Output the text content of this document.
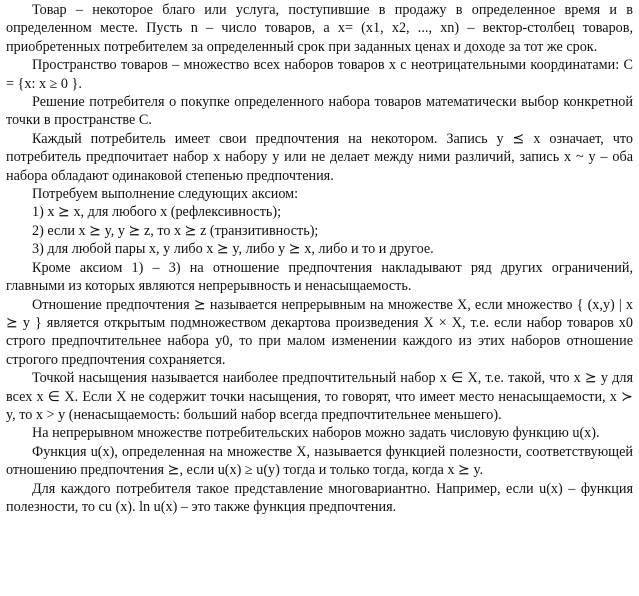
Товар – некоторое благо или услуга, поступившие в продажу в определенное время и в определенном месте. Пусть n – число товаров, а x= (x1, x2, ..., xn) – вектор-столбец товаров, приобретенных потребителем за определенный срок при заданных ценах и доходе за тот же срок.

Пространство товаров – множество всех наборов товаров x с неотрицательными координатами: C = {x: x ≥ 0 }.

Решение потребителя о покупке определенного набора товаров математически выбор конкретной точки в пространстве C.

Каждый потребитель имеет свои предпочтения на некотором. Запись y ⪯ x означает, что потребитель предпочитает набор x набору y или не делает между ними различий, запись x ~ y – оба набора обладают одинаковой степенью предпочтения.

Потребуем выполнение следующих аксиом:

1) x ⪰ x, для любого x (рефлексивность);

2) если x ⪰ y, y ⪰ z, то x ⪰ z (транзитивность);

3) для любой пары x, y либо x ⪰ y, либо y ⪰ x, либо и то и другое.

Кроме аксиом 1) – 3) на отношение предпочтения накладывают ряд других ограничений, главными из которых являются непрерывность и ненасыщаемость.

Отношение предпочтения ⪰ называется непрерывным на множестве X, если множество { (x,y) | x ⪰ y } является открытым подмножеством декартова произведения X × X, т.е. если набор товаров x0 строго предпочтительнее набора y0, то при малом изменении каждого из этих наборов отношение строгого предпочтения сохраняется.

Точкой насыщения называется наиболее предпочтительный набор x ∈ X, т.е. такой, что x ⪰ y для всех x ∈ X. Если X не содержит точки насыщения, то говорят, что имеет место ненасыщаемости, x ≻ y, то x > y (ненасыщаемость: больший набор всегда предпочтительнее меньшего).

На непрерывном множестве потребительских наборов можно задать числовую функцию u(x).

Функция u(x), определенная на множестве X, называется функцией полезности, соответствующей отношению предпочтения ⪰, если u(x) ≥ u(y) тогда и только тогда, когда x ⪰ y.

Для каждого потребителя такое представление многовариантно. Например, если u(x) – функция полезности, то cu (x). ln u(x) – это также функция предпочтения.
